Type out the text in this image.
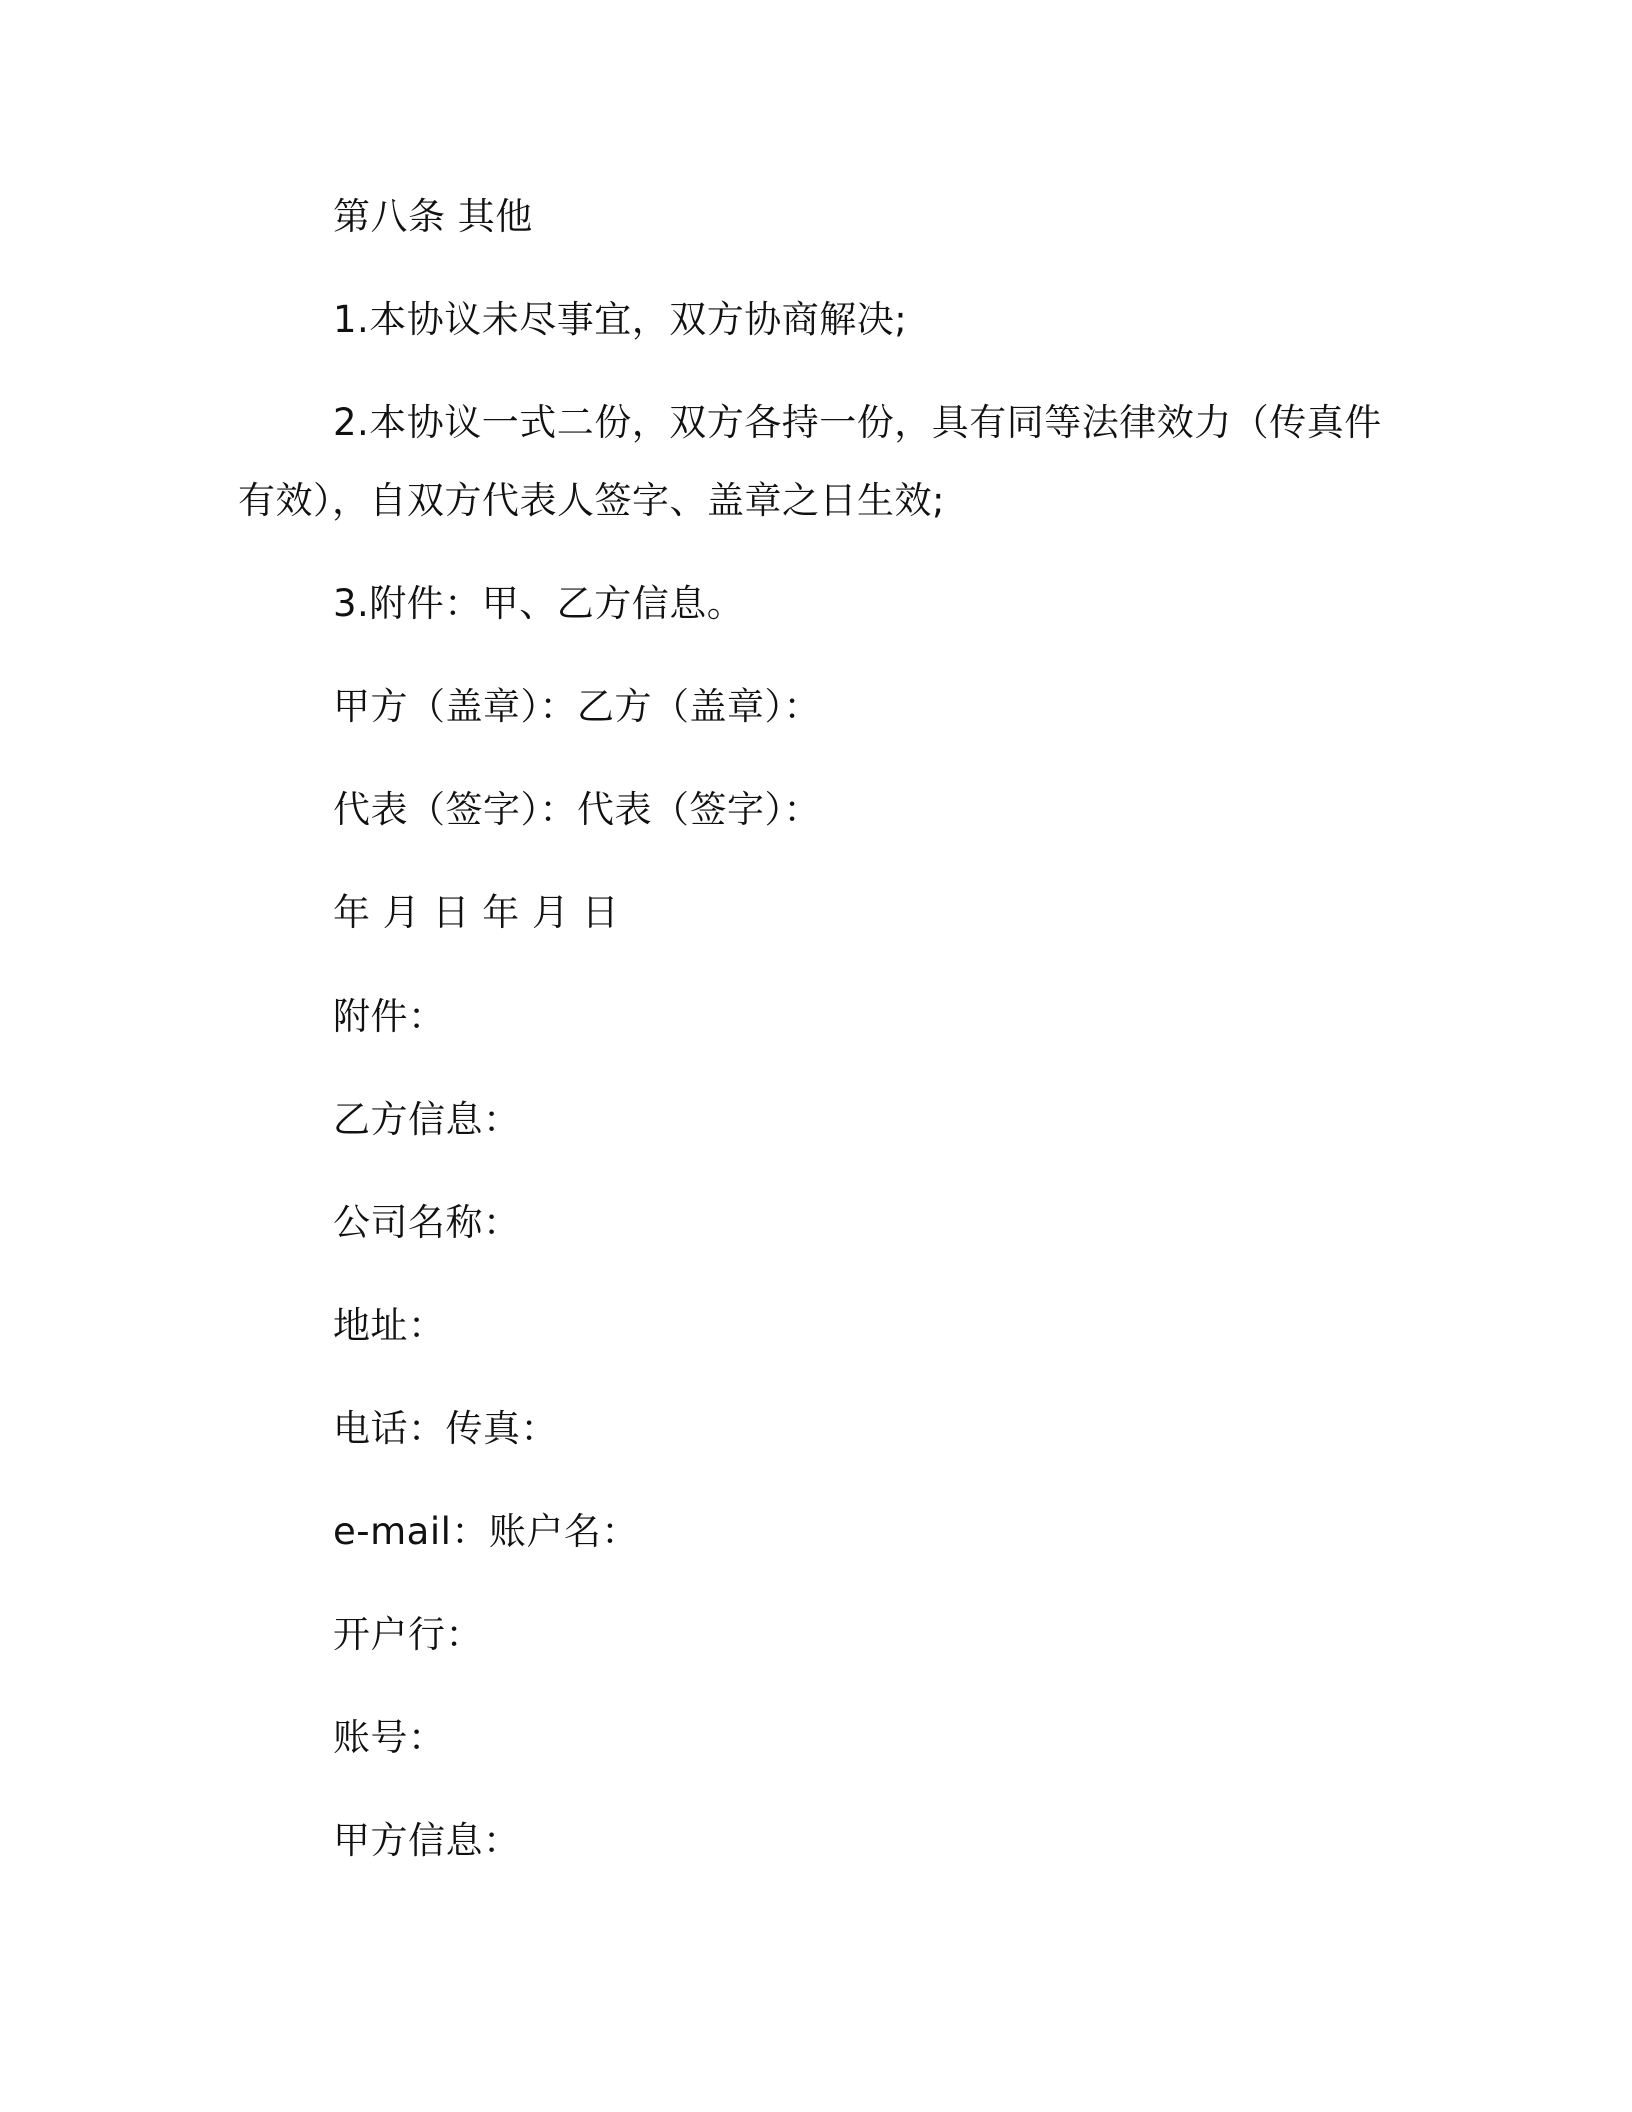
第八条 其他
1.本协议未尽事宜，双方协商解决;
2.本协议一式二份，双方各持一份，具有同等法律效力（传真件
有效），自双方代表人签字、盖章之日生效;
3.附件：甲、乙方信息。
甲方（盖章）：乙方（盖章）：
代表（签字）：代表（签字）：
年 月 日 年 月 日
附件：
乙方信息：
公司名称：
地址：
电话：传真：
e-mail：账户名：
开户行：
账号：
甲方信息：
